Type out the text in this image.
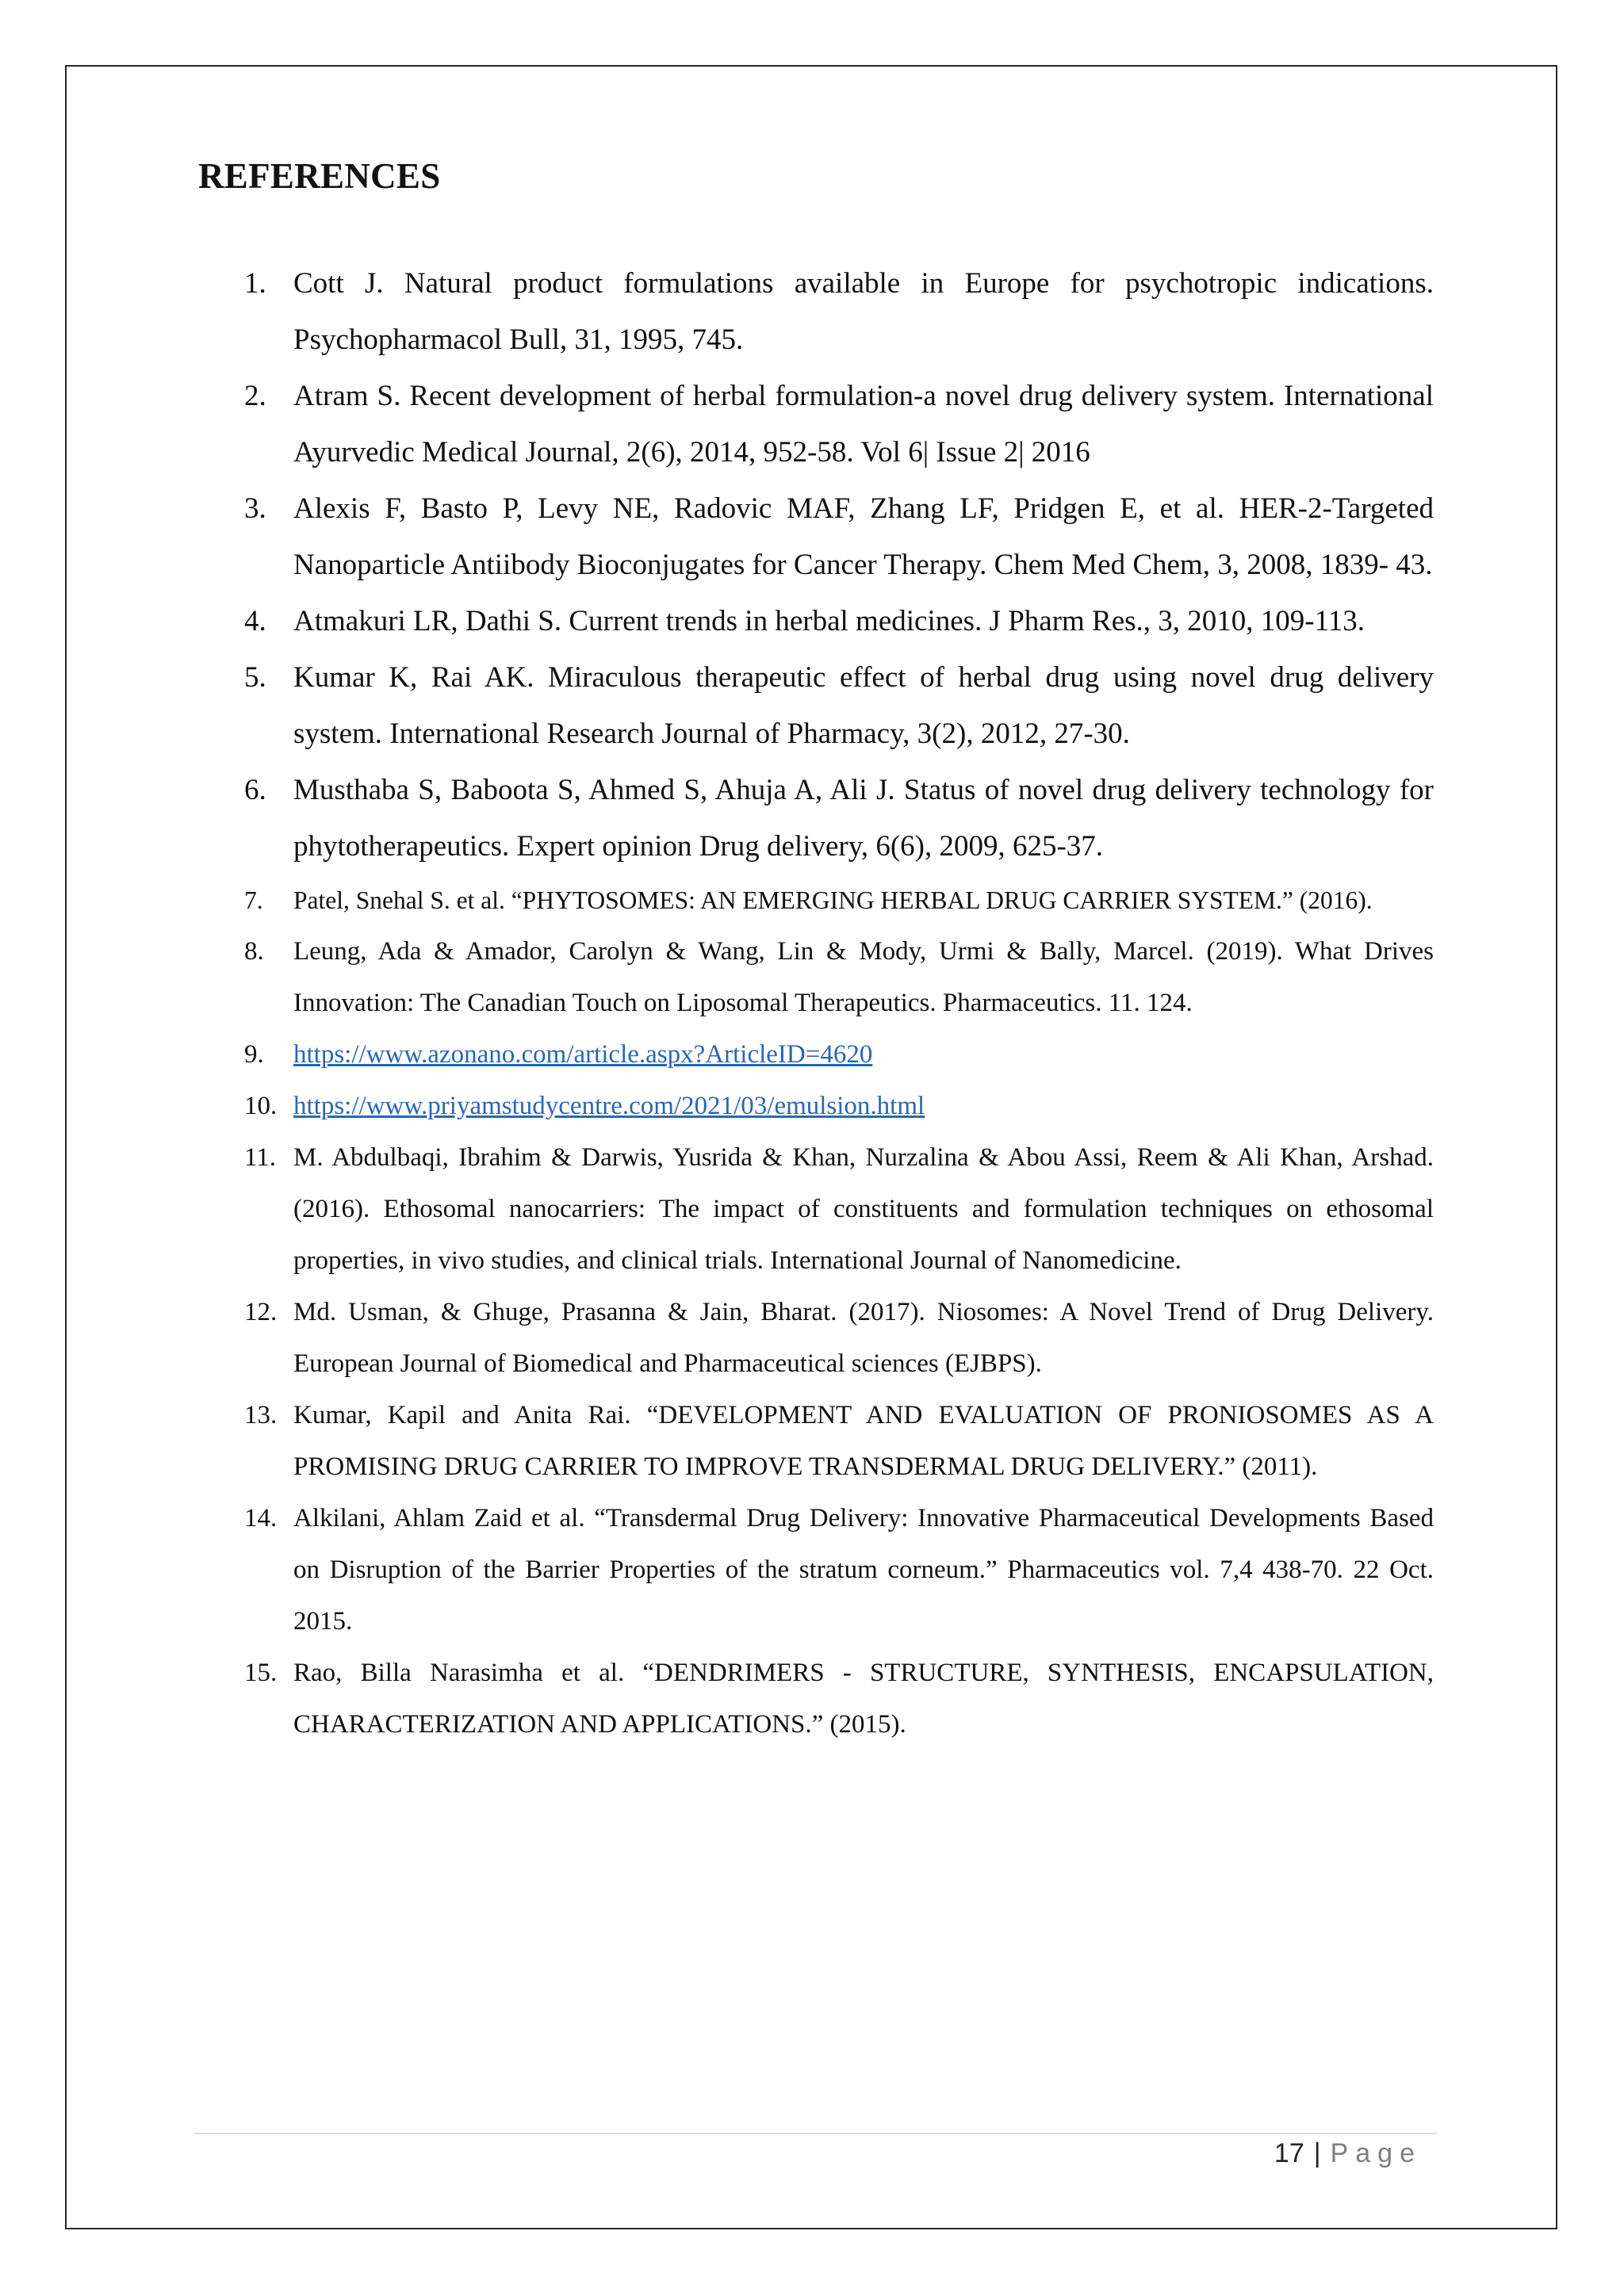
REFERENCES
1. Cott J. Natural product formulations available in Europe for psychotropic indications. Psychopharmacol Bull, 31, 1995, 745.
2. Atram S. Recent development of herbal formulation-a novel drug delivery system. International Ayurvedic Medical Journal, 2(6), 2014, 952-58. Vol 6| Issue 2| 2016
3. Alexis F, Basto P, Levy NE, Radovic MAF, Zhang LF, Pridgen E, et al. HER-2-Targeted Nanoparticle Antiibody Bioconjugates for Cancer Therapy. Chem Med Chem, 3, 2008, 1839- 43.
4. Atmakuri LR, Dathi S. Current trends in herbal medicines. J Pharm Res., 3, 2010, 109-113.
5. Kumar K, Rai AK. Miraculous therapeutic effect of herbal drug using novel drug delivery system. International Research Journal of Pharmacy, 3(2), 2012, 27-30.
6. Musthaba S, Baboota S, Ahmed S, Ahuja A, Ali J. Status of novel drug delivery technology for phytotherapeutics. Expert opinion Drug delivery, 6(6), 2009, 625-37.
7. Patel, Snehal S. et al. “PHYTOSOMES: AN EMERGING HERBAL DRUG CARRIER SYSTEM.” (2016).
8. Leung, Ada & Amador, Carolyn & Wang, Lin & Mody, Urmi & Bally, Marcel. (2019). What Drives Innovation: The Canadian Touch on Liposomal Therapeutics. Pharmaceutics. 11. 124.
9. https://www.azonano.com/article.aspx?ArticleID=4620
10. https://www.priyamstudycentre.com/2021/03/emulsion.html
11. M. Abdulbaqi, Ibrahim & Darwis, Yusrida & Khan, Nurzalina & Abou Assi, Reem & Ali Khan, Arshad. (2016). Ethosomal nanocarriers: The impact of constituents and formulation techniques on ethosomal properties, in vivo studies, and clinical trials. International Journal of Nanomedicine.
12. Md. Usman, & Ghuge, Prasanna & Jain, Bharat. (2017). Niosomes: A Novel Trend of Drug Delivery. European Journal of Biomedical and Pharmaceutical sciences (EJBPS).
13. Kumar, Kapil and Anita Rai. “DEVELOPMENT AND EVALUATION OF PRONIOSOMES AS A PROMISING DRUG CARRIER TO IMPROVE TRANSDERMAL DRUG DELIVERY.” (2011).
14. Alkilani, Ahlam Zaid et al. “Transdermal Drug Delivery: Innovative Pharmaceutical Developments Based on Disruption of the Barrier Properties of the stratum corneum.” Pharmaceutics vol. 7,4 438-70. 22 Oct. 2015.
15. Rao, Billa Narasimha et al. “DENDRIMERS - STRUCTURE, SYNTHESIS, ENCAPSULATION, CHARACTERIZATION AND APPLICATIONS.” (2015).
17 | Page
